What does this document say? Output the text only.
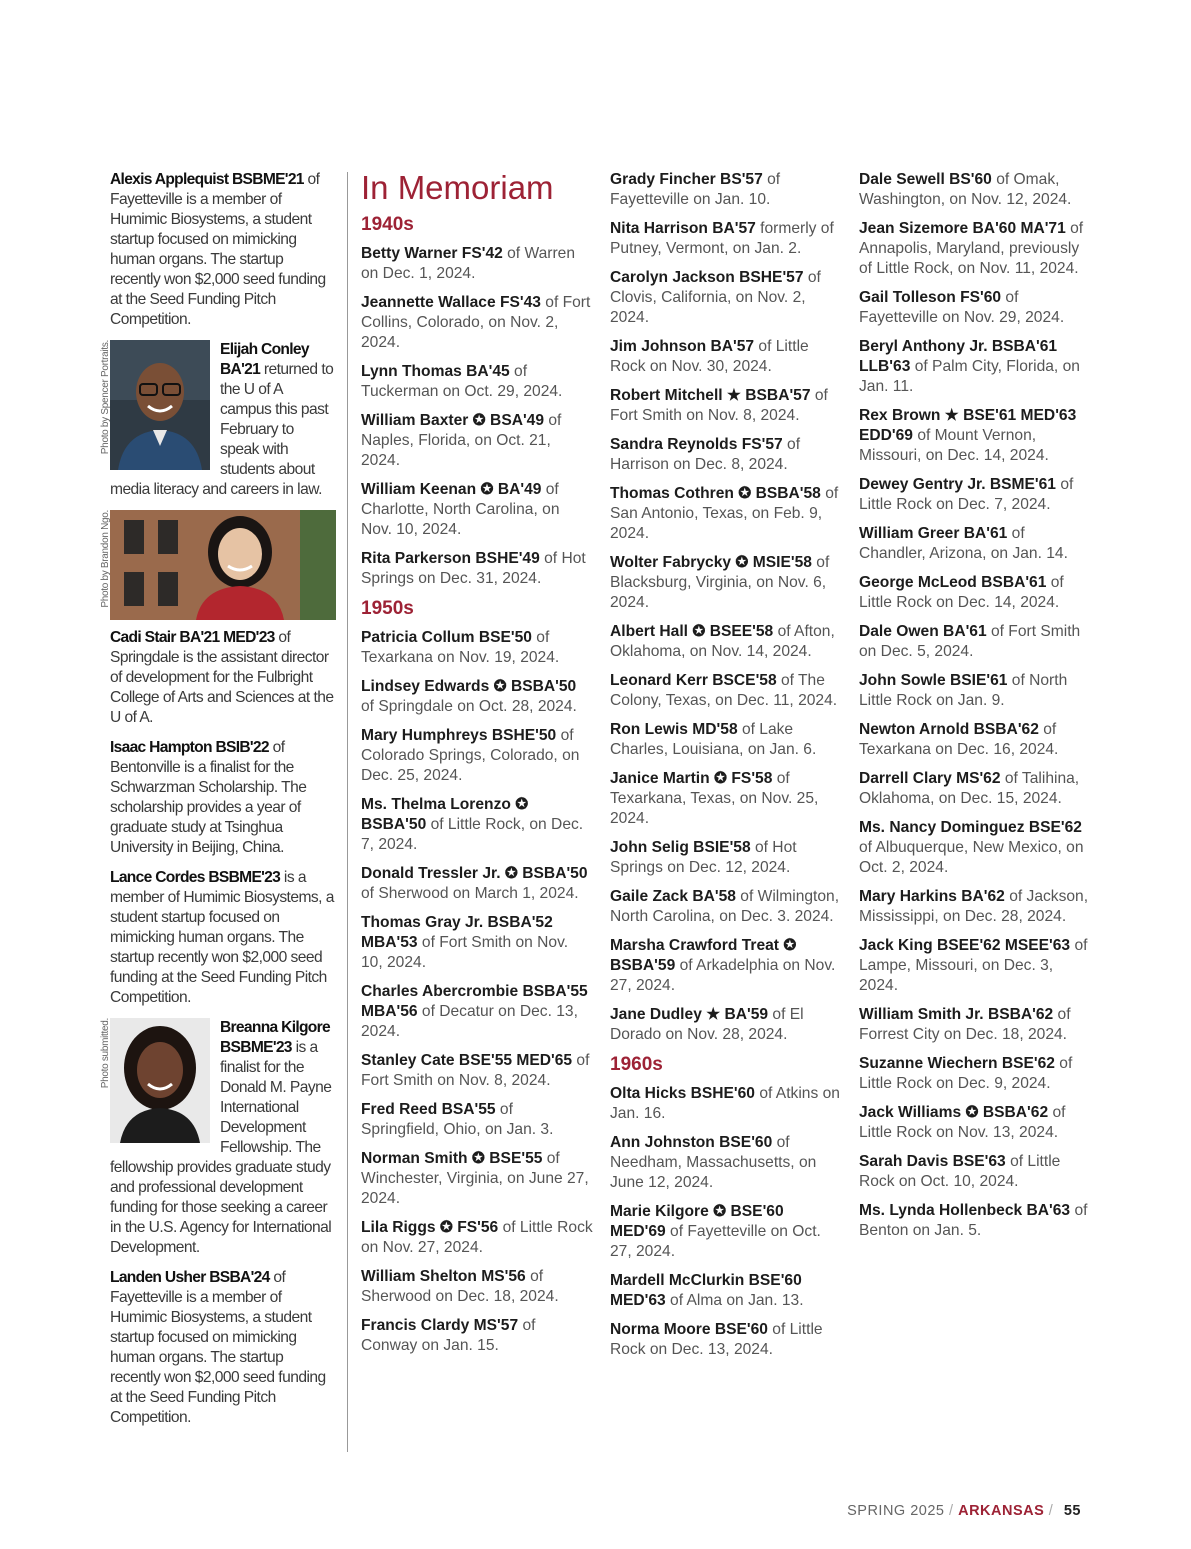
Alexis Applequist BSBME'21 of Fayetteville is a member of Humimic Biosystems, a student startup focused on mimicking human organs. The startup recently won $2,000 seed funding at the Seed Funding Pitch Competition.

Photo by Spencer Portraits.	Elijah Conley BA'21 returned to the U of A campus this past February to speak with students about media literacy and careers in law.

Photo by Brandon Ngo.

Cadi Stair BA'21 MED'23 of Springdale is the assistant director of development for the Fulbright College of Arts and Sciences at the U of A.

Isaac Hampton BSIB'22 of Bentonville is a finalist for the Schwarzman Scholarship. The scholarship provides a year of graduate study at Tsinghua University in Beijing, China.

Lance Cordes BSBME'23 is a member of Humimic Biosystems, a student startup focused on mimicking human organs. The startup recently won $2,000 seed funding at the Seed Funding Pitch Competition.

Photo submitted.	Breanna Kilgore BSBME'23 is a finalist for the Donald M. Payne International Development Fellowship. The fellowship provides graduate study and professional development funding for those seeking a career in the U.S. Agency for International Development.

Landen Usher BSBA'24 of Fayetteville is a member of Humimic Biosystems, a student startup focused on mimicking human organs. The startup recently won $2,000 seed funding at the Seed Funding Pitch Competition.

In Memoriam
1940s

Betty Warner FS'42 of Warren on Dec. 1, 2024.

Jeannette Wallace FS'43 of Fort Collins, Colorado, on Nov. 2, 2024.

Lynn Thomas BA'45 of Tuckerman on Oct. 29, 2024.

William Baxter ✪ BSA'49 of Naples, Florida, on Oct. 21, 2024.

William Keenan ✪ BA'49 of Charlotte, North Carolina, on Nov. 10, 2024.

Rita Parkerson BSHE'49 of Hot Springs on Dec. 31, 2024.

1950s

Patricia Collum BSE'50 of Texarkana on Nov. 19, 2024.

Lindsey Edwards ✪ BSBA'50 of Springdale on Oct. 28, 2024.

Mary Humphreys BSHE'50 of Colorado Springs, Colorado, on Dec. 25, 2024.

Ms. Thelma Lorenzo ✪ BSBA'50 of Little Rock, on Dec. 7, 2024.

Donald Tressler Jr. ✪ BSBA'50 of Sherwood on March 1, 2024.

Thomas Gray Jr. BSBA'52 MBA'53 of Fort Smith on Nov. 10, 2024.

Charles Abercrombie BSBA'55 MBA'56 of Decatur on Dec. 13, 2024.

Stanley Cate BSE'55 MED'65 of Fort Smith on Nov. 8, 2024.

Fred Reed BSA'55 of Springfield, Ohio, on Jan. 3.

Norman Smith ✪ BSE'55 of Winchester, Virginia, on June 27, 2024.

Lila Riggs ✪ FS'56 of Little Rock on Nov. 27, 2024.

William Shelton MS'56 of Sherwood on Dec. 18, 2024.

Francis Clardy MS'57 of Conway on Jan. 15.

Grady Fincher BS'57 of Fayetteville on Jan. 10.

Nita Harrison BA'57 formerly of Putney, Vermont, on Jan. 2.

Carolyn Jackson BSHE'57 of Clovis, California, on Nov. 2, 2024.

Jim Johnson BA'57 of Little Rock on Nov. 30, 2024.

Robert Mitchell ★ BSBA'57 of Fort Smith on Nov. 8, 2024.

Sandra Reynolds FS'57 of Harrison on Dec. 8, 2024.

Thomas Cothren ✪ BSBA'58 of San Antonio, Texas, on Feb. 9, 2024.

Wolter Fabrycky ✪ MSIE'58 of Blacksburg, Virginia, on Nov. 6, 2024.

Albert Hall ✪ BSEE'58 of Afton, Oklahoma, on Nov. 14, 2024.

Leonard Kerr BSCE'58 of The Colony, Texas, on Dec. 11, 2024.

Ron Lewis MD'58 of Lake Charles, Louisiana, on Jan. 6.

Janice Martin ✪ FS'58 of Texarkana, Texas, on Nov. 25, 2024.

John Selig BSIE'58 of Hot Springs on Dec. 12, 2024.

Gaile Zack BA'58 of Wilmington, North Carolina, on Dec. 3. 2024.

Marsha Crawford Treat ✪ BSBA'59 of Arkadelphia on Nov. 27, 2024.

Jane Dudley ★ BA'59 of El Dorado on Nov. 28, 2024.

1960s

Olta Hicks BSHE'60 of Atkins on Jan. 16.

Ann Johnston BSE'60 of Needham, Massachusetts, on June 12, 2024.

Marie Kilgore ✪ BSE'60 MED'69 of Fayetteville on Oct. 27, 2024.

Mardell McClurkin BSE'60 MED'63 of Alma on Jan. 13.

Norma Moore BSE'60 of Little Rock on Dec. 13, 2024.

Dale Sewell BS'60 of Omak, Washington, on Nov. 12, 2024.

Jean Sizemore BA'60 MA'71 of Annapolis, Maryland, previously of Little Rock, on Nov. 11, 2024.

Gail Tolleson FS'60 of Fayetteville on Nov. 29, 2024.

Beryl Anthony Jr. BSBA'61 LLB'63 of Palm City, Florida, on Jan. 11.

Rex Brown ★ BSE'61 MED'63 EDD'69 of Mount Vernon, Missouri, on Dec. 14, 2024.

Dewey Gentry Jr. BSME'61 of Little Rock on Dec. 7, 2024.

William Greer BA'61 of Chandler, Arizona, on Jan. 14.

George McLeod BSBA'61 of Little Rock on Dec. 14, 2024.

Dale Owen BA'61 of Fort Smith on Dec. 5, 2024.

John Sowle BSIE'61 of North Little Rock on Jan. 9.

Newton Arnold BSBA'62 of Texarkana on Dec. 16, 2024.

Darrell Clary MS'62 of Talihina, Oklahoma, on Dec. 15, 2024.

Ms. Nancy Dominguez BSE'62 of Albuquerque, New Mexico, on Oct. 2, 2024.

Mary Harkins BA'62 of Jackson, Mississippi, on Dec. 28, 2024.

Jack King BSEE'62 MSEE'63 of Lampe, Missouri, on Dec. 3, 2024.

William Smith Jr. BSBA'62 of Forrest City on Dec. 18, 2024.

Suzanne Wiechern BSE'62 of Little Rock on Dec. 9, 2024.

Jack Williams ✪ BSBA'62 of Little Rock on Nov. 13, 2024.

Sarah Davis BSE'63 of Little Rock on Oct. 10, 2024.

Ms. Lynda Hollenbeck BA'63 of Benton on Jan. 5.

SPRING 2025 / ARKANSAS / 55
